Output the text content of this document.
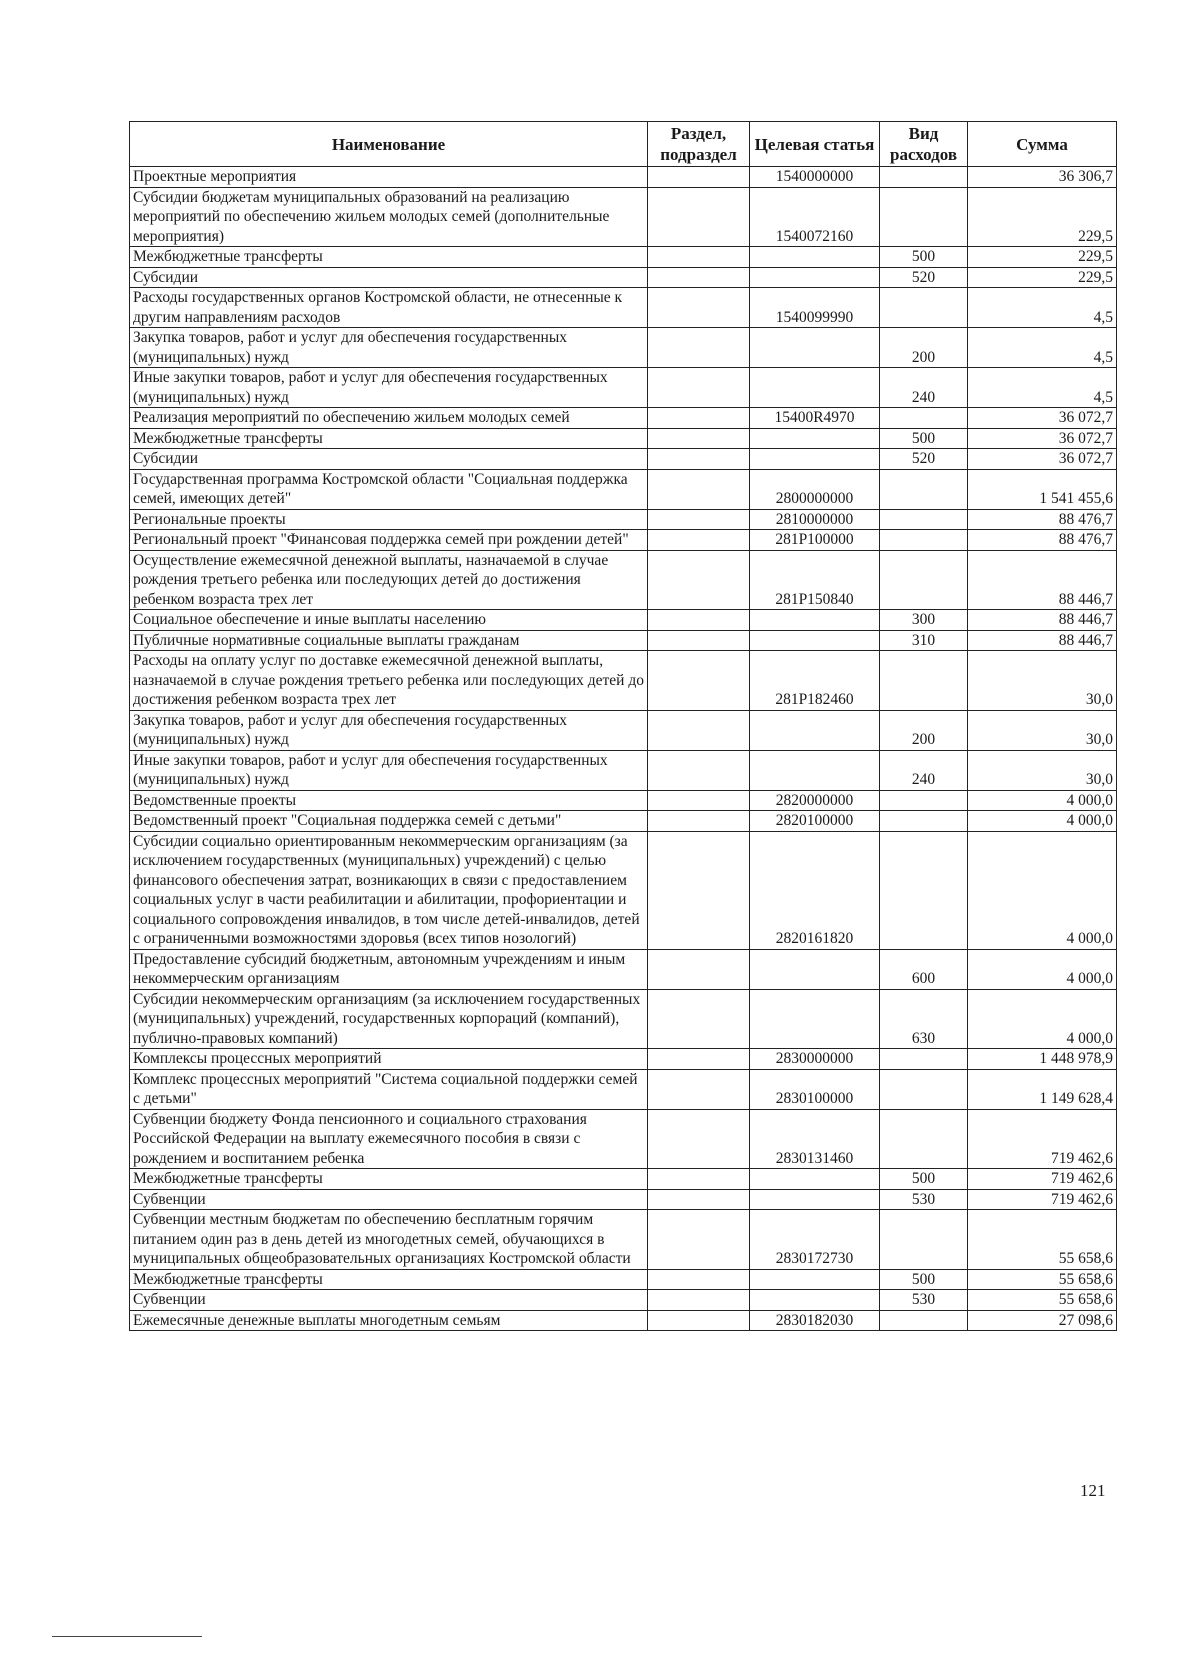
Наименование	Раздел, подраздел	Целевая статья	Вид расходов	Сумма
Проектные мероприятия		1540000000		36 306,7
Субсидии бюджетам муниципальных образований на реализацию мероприятий по обеспечению жильем молодых семей (дополнительные мероприятия)		1540072160		229,5
Межбюджетные трансферты			500	229,5
Субсидии			520	229,5
Расходы государственных органов Костромской области, не отнесенные к другим направлениям расходов		1540099990		4,5
Закупка товаров, работ и услуг для обеспечения государственных (муниципальных) нужд			200	4,5
Иные закупки товаров, работ и услуг для обеспечения государственных (муниципальных) нужд			240	4,5
Реализация мероприятий по обеспечению жильем молодых семей		15400R4970		36 072,7
Межбюджетные трансферты			500	36 072,7
Субсидии			520	36 072,7
Государственная программа Костромской области "Социальная поддержка семей, имеющих детей"		2800000000		1 541 455,6
Региональные проекты		2810000000		88 476,7
Региональный проект "Финансовая поддержка семей при рождении детей"		281P100000		88 476,7
Осуществление ежемесячной денежной выплаты, назначаемой в случае рождения третьего ребенка или последующих детей до достижения ребенком возраста трех лет		281P150840		88 446,7
Социальное обеспечение и иные выплаты населению			300	88 446,7
Публичные нормативные социальные выплаты гражданам			310	88 446,7
Расходы на оплату услуг по доставке ежемесячной денежной выплаты, назначаемой в случае рождения третьего ребенка или последующих детей до достижения ребенком возраста трех лет		281P182460		30,0
Закупка товаров, работ и услуг для обеспечения государственных (муниципальных) нужд			200	30,0
Иные закупки товаров, работ и услуг для обеспечения государственных (муниципальных) нужд			240	30,0
Ведомственные проекты		2820000000		4 000,0
Ведомственный проект "Социальная поддержка семей с детьми"		2820100000		4 000,0
Субсидии социально ориентированным некоммерческим организациям (за исключением государственных (муниципальных) учреждений) с целью финансового обеспечения затрат, возникающих в связи с предоставлением социальных услуг в части реабилитации и абилитации, профориентации и социального сопровождения инвалидов, в том числе детей-инвалидов, детей с ограниченными возможностями здоровья (всех типов нозологий)		2820161820		4 000,0
Предоставление субсидий бюджетным, автономным учреждениям и иным некоммерческим организациям			600	4 000,0
Субсидии некоммерческим организациям (за исключением государственных (муниципальных) учреждений, государственных корпораций (компаний), публично-правовых компаний)			630	4 000,0
Комплексы процессных мероприятий		2830000000		1 448 978,9
Комплекс процессных мероприятий "Система социальной поддержки семей с детьми"		2830100000		1 149 628,4
Субвенции бюджету Фонда пенсионного и социального страхования Российской Федерации на выплату ежемесячного пособия в связи с рождением и воспитанием ребенка		2830131460		719 462,6
Межбюджетные трансферты			500	719 462,6
Субвенции			530	719 462,6
Субвенции местным бюджетам по обеспечению бесплатным горячим питанием один раз в день детей из многодетных семей, обучающихся в муниципальных общеобразовательных организациях Костромской области		2830172730		55 658,6
Межбюджетные трансферты			500	55 658,6
Субвенции			530	55 658,6
Ежемесячные денежные выплаты многодетным семьям		2830182030		27 098,6
121
